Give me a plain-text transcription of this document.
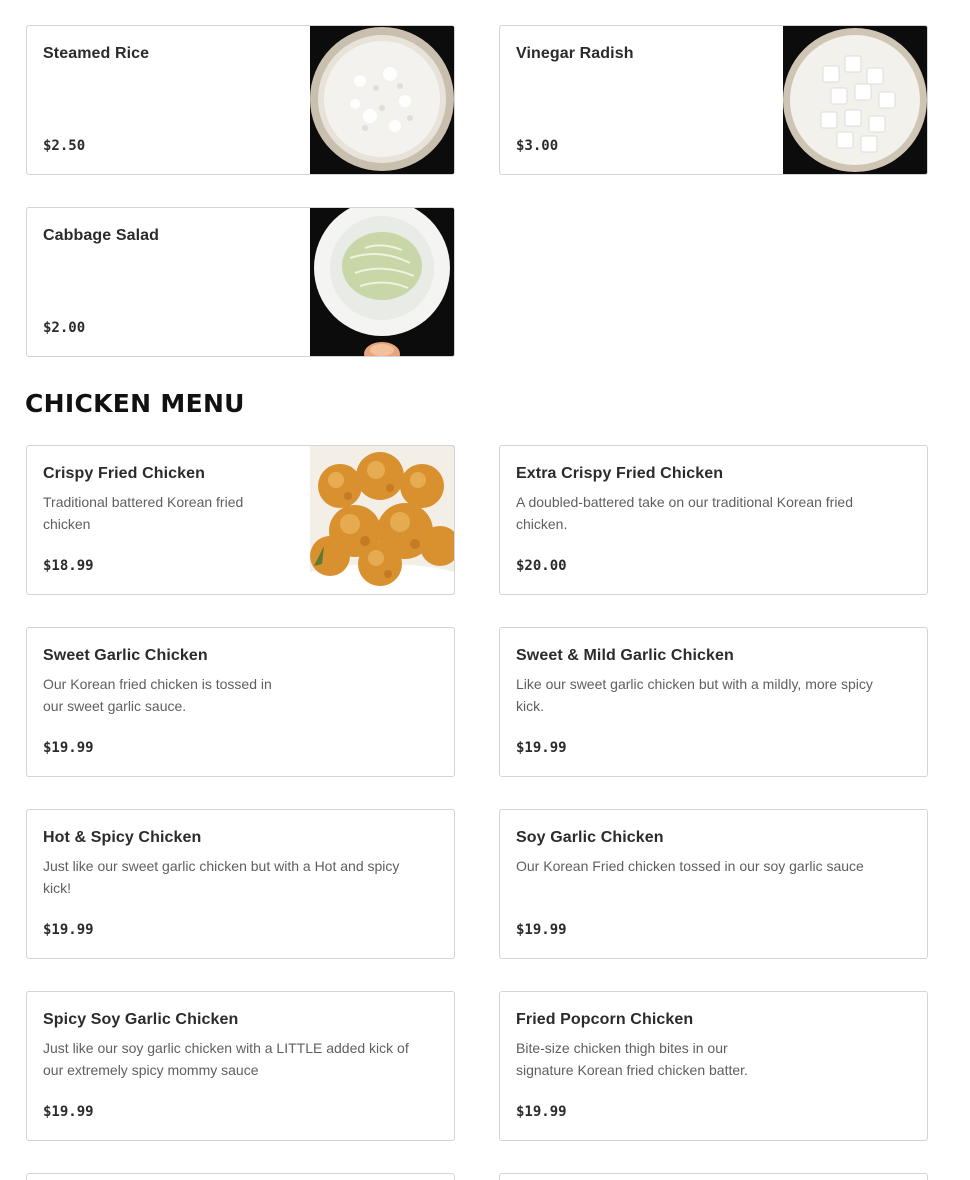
Steamed Rice
$2.50
Vinegar Radish
$3.00
Cabbage Salad
$2.00
CHICKEN MENU
Crispy Fried Chicken
Traditional battered Korean fried chicken
$18.99
Extra Crispy Fried Chicken
A doubled-battered take on our traditional Korean fried chicken.
$20.00
Sweet Garlic Chicken
Our Korean fried chicken is tossed in our sweet garlic sauce.
$19.99
Sweet & Mild Garlic Chicken
Like our sweet garlic chicken but with a mildly, more spicy kick.
$19.99
Hot & Spicy Chicken
Just like our sweet garlic chicken but with a Hot and spicy kick!
$19.99
Soy Garlic Chicken
Our Korean Fried chicken tossed in our soy garlic sauce
$19.99
Spicy Soy Garlic Chicken
Just like our soy garlic chicken with a LITTLE added kick of our extremely spicy mommy sauce
$19.99
Fried Popcorn Chicken
Bite-size chicken thigh bites in our signature Korean fried chicken batter.
$19.99
